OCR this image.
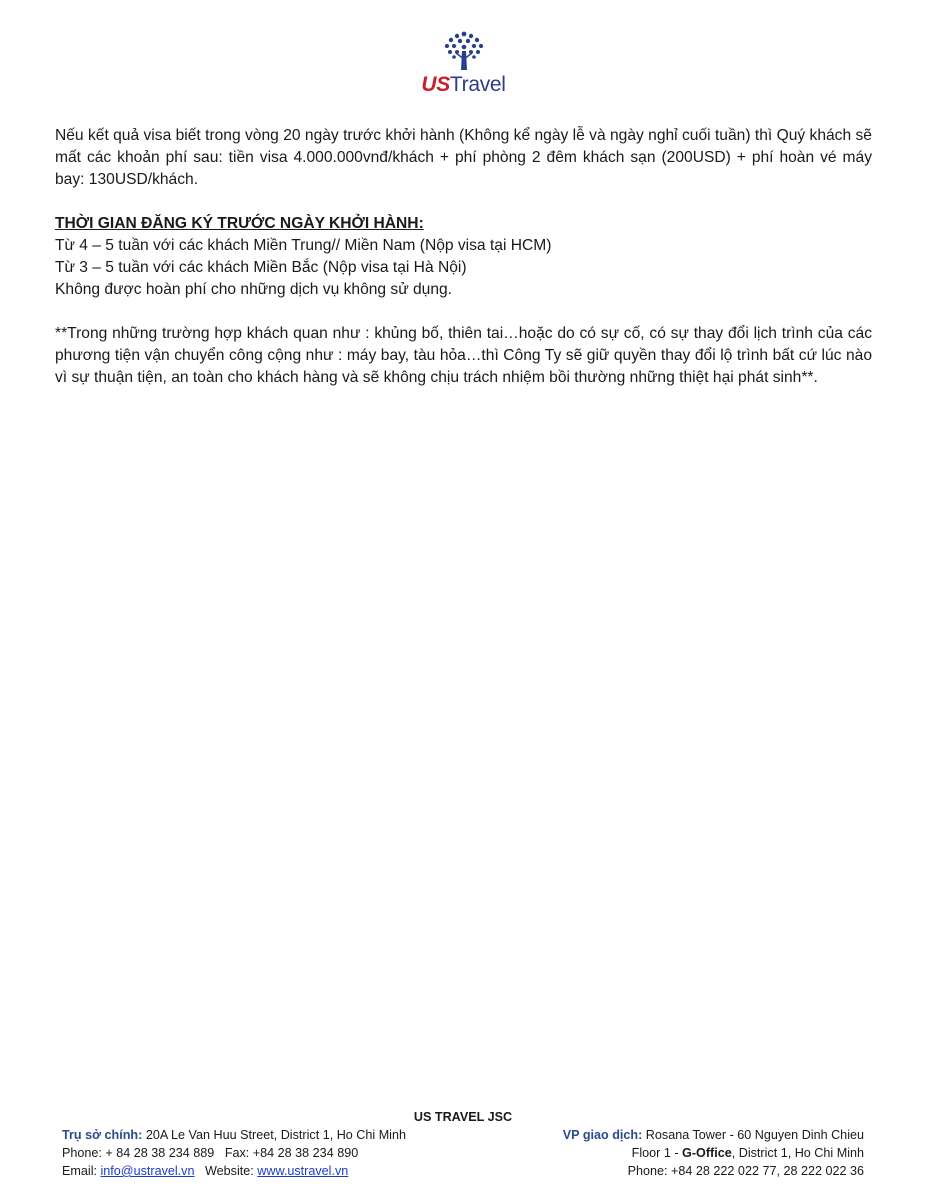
USTravel

Nếu kết quả visa biết trong vòng 20 ngày trước khởi hành (Không kể ngày lễ và ngày nghỉ cuối tuần) thì Quý khách sẽ mất các khoản phí sau: tiền visa 4.000.000vnđ/khách + phí phòng 2 đêm khách sạn (200USD) + phí hoàn vé máy bay: 130USD/khách.

THỜI GIAN ĐĂNG KÝ TRƯỚC NGÀY KHỞI HÀNH:

Từ 4 – 5 tuần với các khách Miền Trung// Miền Nam (Nộp visa tại HCM)

Từ 3 – 5 tuần với các khách Miền Bắc (Nộp visa tại Hà Nội)

Không được hoàn phí cho những dịch vụ không sử dụng.

**Trong những trường hợp khách quan như : khủng bố, thiên tai…hoặc do có sự cố, có sự thay đổi lịch trình của các phương tiện vận chuyển công cộng như : máy bay, tàu hỏa…thì Công Ty sẽ giữ quyền thay đổi lộ trình bất cứ lúc nào vì sự thuận tiện, an toàn cho khách hàng và sẽ không chịu trách nhiệm bồi thường những thiệt hại phát sinh**.

US TRAVEL JSC
Trụ sở chính: 20A Le Van Huu Street, District 1, Ho Chi Minh
Phone: + 84 28 38 234 889 Fax: +84 28 38 234 890
Email: info@ustravel.vn Website: www.ustravel.vn
VP giao dịch: Rosana Tower - 60 Nguyen Dinh Chieu
Floor 1 - G-Office, District 1, Ho Chi Minh
Phone: +84 28 222 022 77, 28 222 022 36
